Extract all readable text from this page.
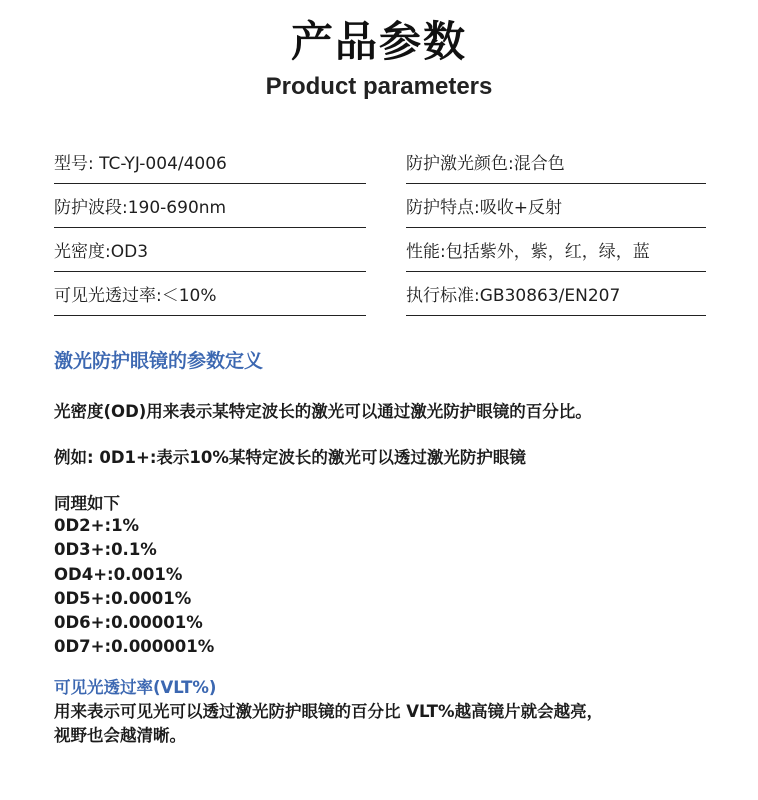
产品参数
Product parameters
型号: TC-YJ-004/4006	防护激光颜色:混合色
防护波段:190-690nm	防护特点:吸收+反射
光密度:OD3	性能:包括紫外，紫，红，绿，蓝
可见光透过率:＜10%	执行标准:GB30863/EN207
激光防护眼镜的参数定义
光密度(OD)用来表示某特定波长的激光可以通过激光防护眼镜的百分比。
例如: 0D1+:表示10%某特定波长的激光可以透过激光防护眼镜
同理如下
0D2+:1%
0D3+:0.1%
OD4+:0.001%
0D5+:0.0001%
0D6+:0.00001%
0D7+:0.000001%
可见光透过率(VLT%)
用来表示可见光可以透过激光防护眼镜的百分比 VLT%越高镜片就会越亮，
视野也会越清晰。
